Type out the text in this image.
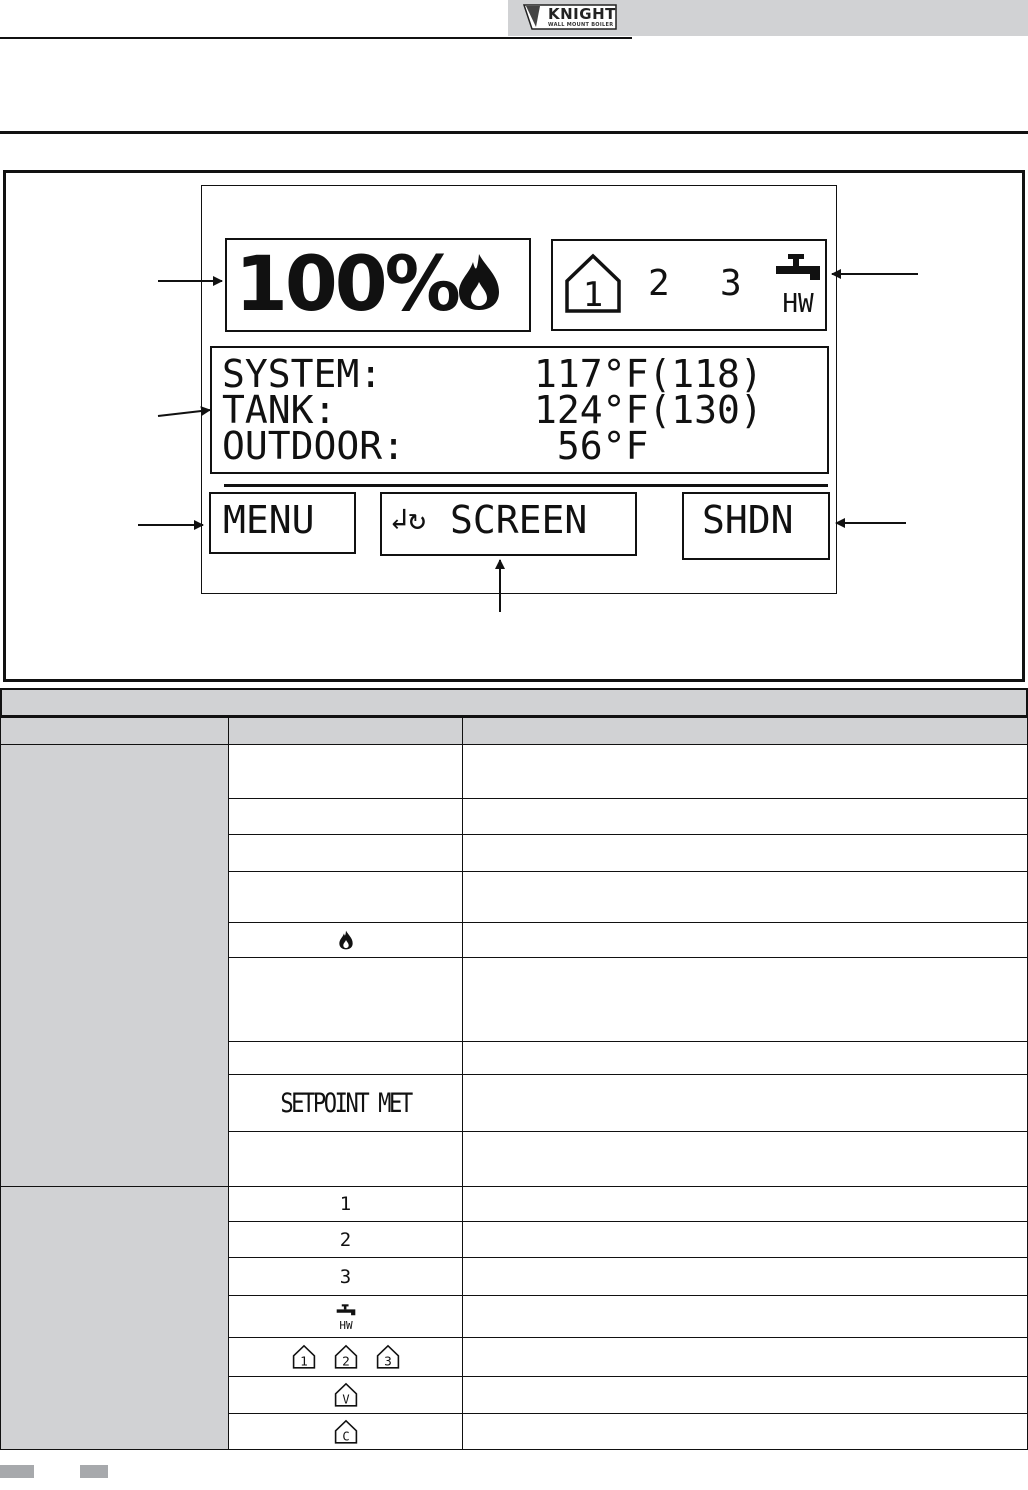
KNIGHT
WALL MOUNT BOILER
100%	1 2 3 HW
SYSTEM:	117°F(118)
TANK:	124°F(130)
OUTDOOR:	56°F
MENU	↲↻ SCREEN	SHDN
SETPOINT MET
1
2
3
HW
1 2 3
V
C
